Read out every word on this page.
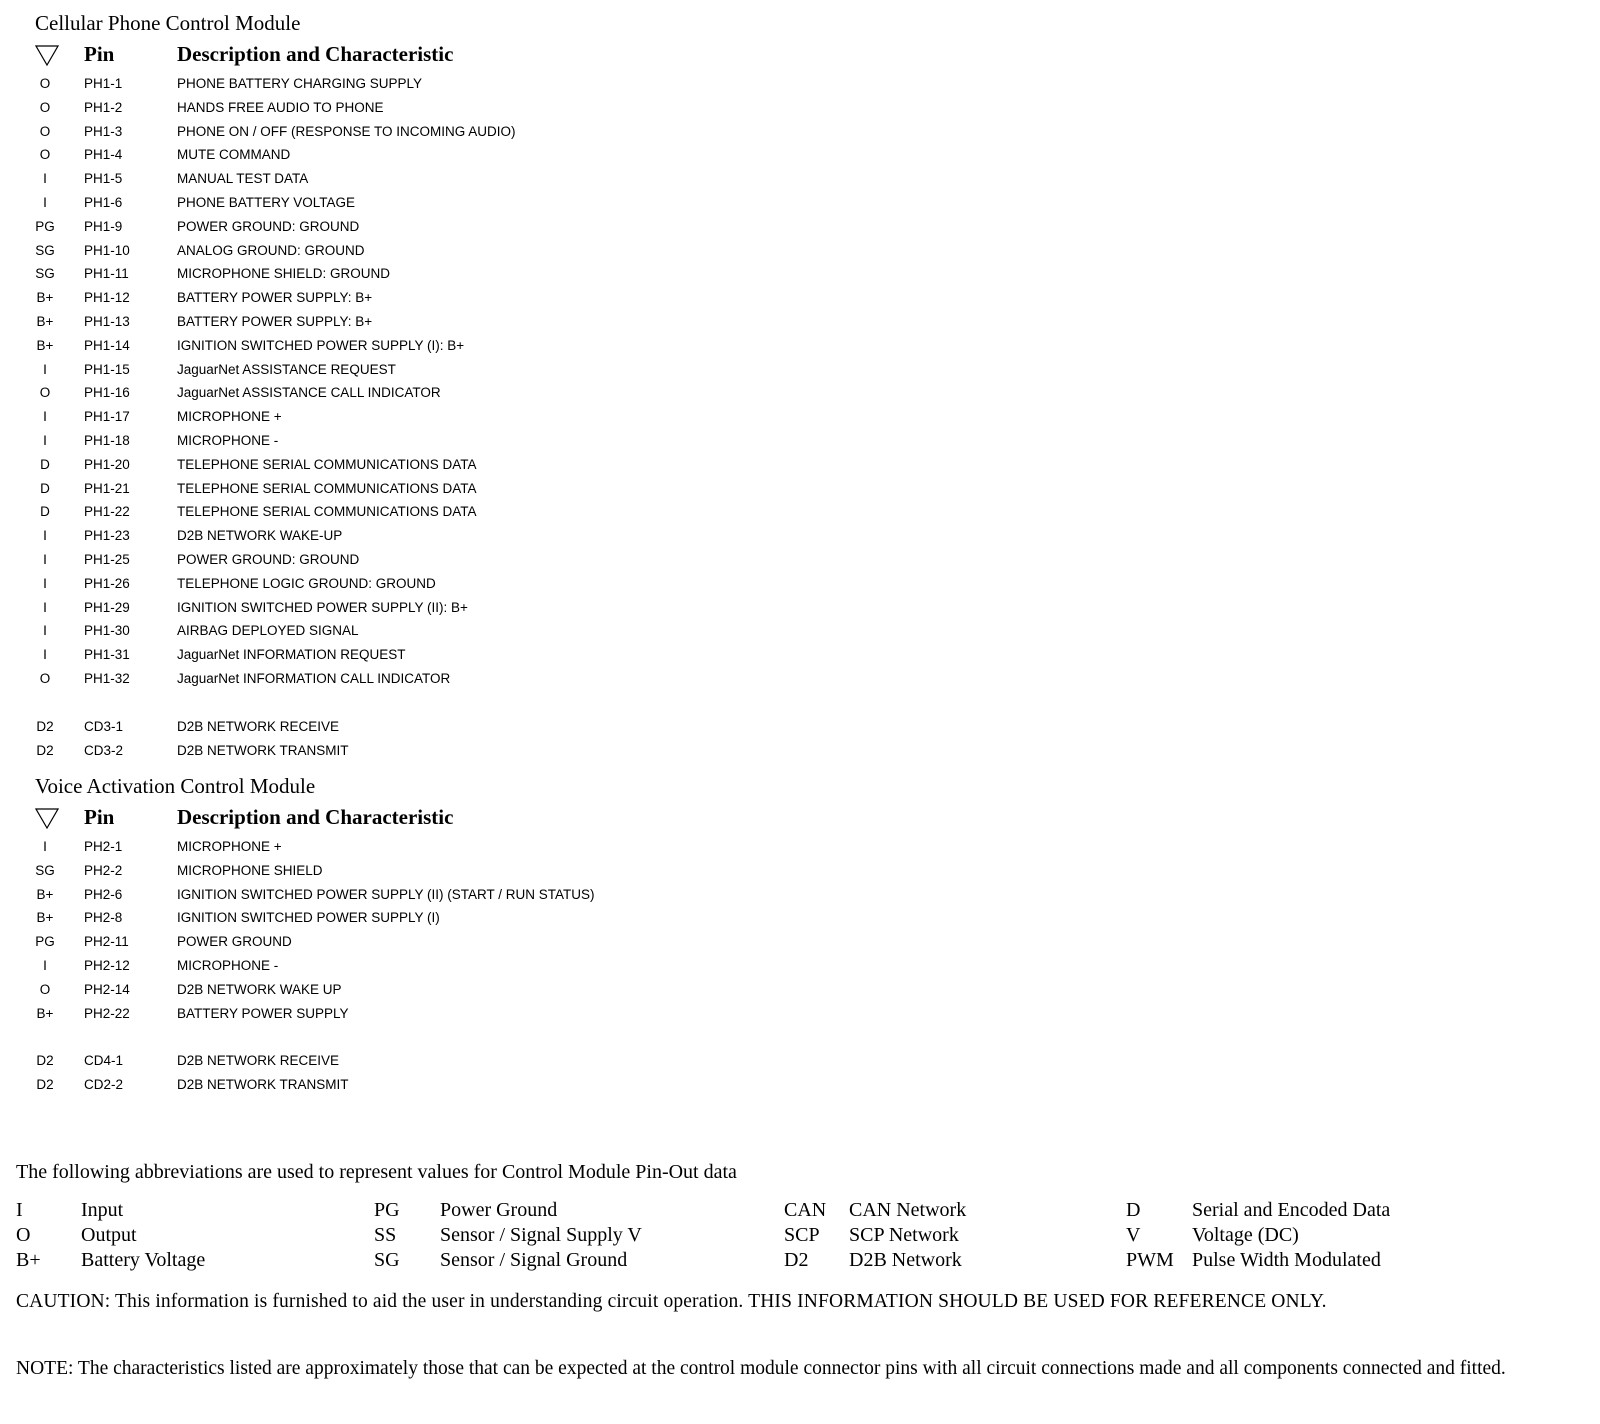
Cellular Phone Control Module
Pin	Description and Characteristic
O	PH1-1	PHONE BATTERY CHARGING SUPPLY
O	PH1-2	HANDS FREE AUDIO TO PHONE
O	PH1-3	PHONE ON / OFF (RESPONSE TO INCOMING AUDIO)
O	PH1-4	MUTE COMMAND
I	PH1-5	MANUAL TEST DATA
I	PH1-6	PHONE BATTERY VOLTAGE
PG PH1-9	POWER GROUND: GROUND
SG PH1-10	ANALOG GROUND: GROUND
SG PH1-11	MICROPHONE SHIELD: GROUND
B+ PH1-12	BATTERY POWER SUPPLY: B+
B+ PH1-13	BATTERY POWER SUPPLY: B+
B+ PH1-14	IGNITION SWITCHED POWER SUPPLY (I): B+
I	PH1-15	JaguarNet ASSISTANCE REQUEST
O	PH1-16	JaguarNet ASSISTANCE CALL INDICATOR
I	PH1-17	MICROPHONE +
I	PH1-18	MICROPHONE -
D	PH1-20	TELEPHONE SERIAL COMMUNICATIONS DATA
D	PH1-21	TELEPHONE SERIAL COMMUNICATIONS DATA
D	PH1-22	TELEPHONE SERIAL COMMUNICATIONS DATA
I	PH1-23	D2B NETWORK WAKE-UP
I	PH1-25	POWER GROUND: GROUND
I	PH1-26	TELEPHONE LOGIC GROUND: GROUND
I	PH1-29	IGNITION SWITCHED POWER SUPPLY (II): B+
I	PH1-30	AIRBAG DEPLOYED SIGNAL
I	PH1-31	JaguarNet INFORMATION REQUEST
O	PH1-32	JaguarNet INFORMATION CALL INDICATOR
D2 CD3-1	D2B NETWORK RECEIVE
D2 CD3-2	D2B NETWORK TRANSMIT
Voice Activation Control Module
Pin	Description and Characteristic
I	PH2-1	MICROPHONE +
SG PH2-2	MICROPHONE SHIELD
B+ PH2-6	IGNITION SWITCHED POWER SUPPLY (II) (START / RUN STATUS)
B+ PH2-8	IGNITION SWITCHED POWER SUPPLY (I)
PG PH2-11	POWER GROUND
I	PH2-12	MICROPHONE -
O	PH2-14	D2B NETWORK WAKE UP
B+ PH2-22	BATTERY POWER SUPPLY
D2 CD4-1	D2B NETWORK RECEIVE
D2 CD2-2	D2B NETWORK TRANSMIT
The following abbreviations are used to represent values for Control Module Pin-Out data
I	Input
O	Output
B+ Battery Voltage
PG Power Ground
SS Sensor / Signal Supply V
SG Sensor / Signal Ground
CAN CAN Network
SCP SCP Network
D2 D2B Network
D	Serial and Encoded Data
V	Voltage (DC)
PWM Pulse Width Modulated
CAUTION: This information is furnished to aid the user in understanding circuit operation. THIS INFORMATION SHOULD BE USED FOR REFERENCE ONLY.
NOTE: The characteristics listed are approximately those that can be expected at the control module connector pins with all circuit connections made and all components connected and fitted.
